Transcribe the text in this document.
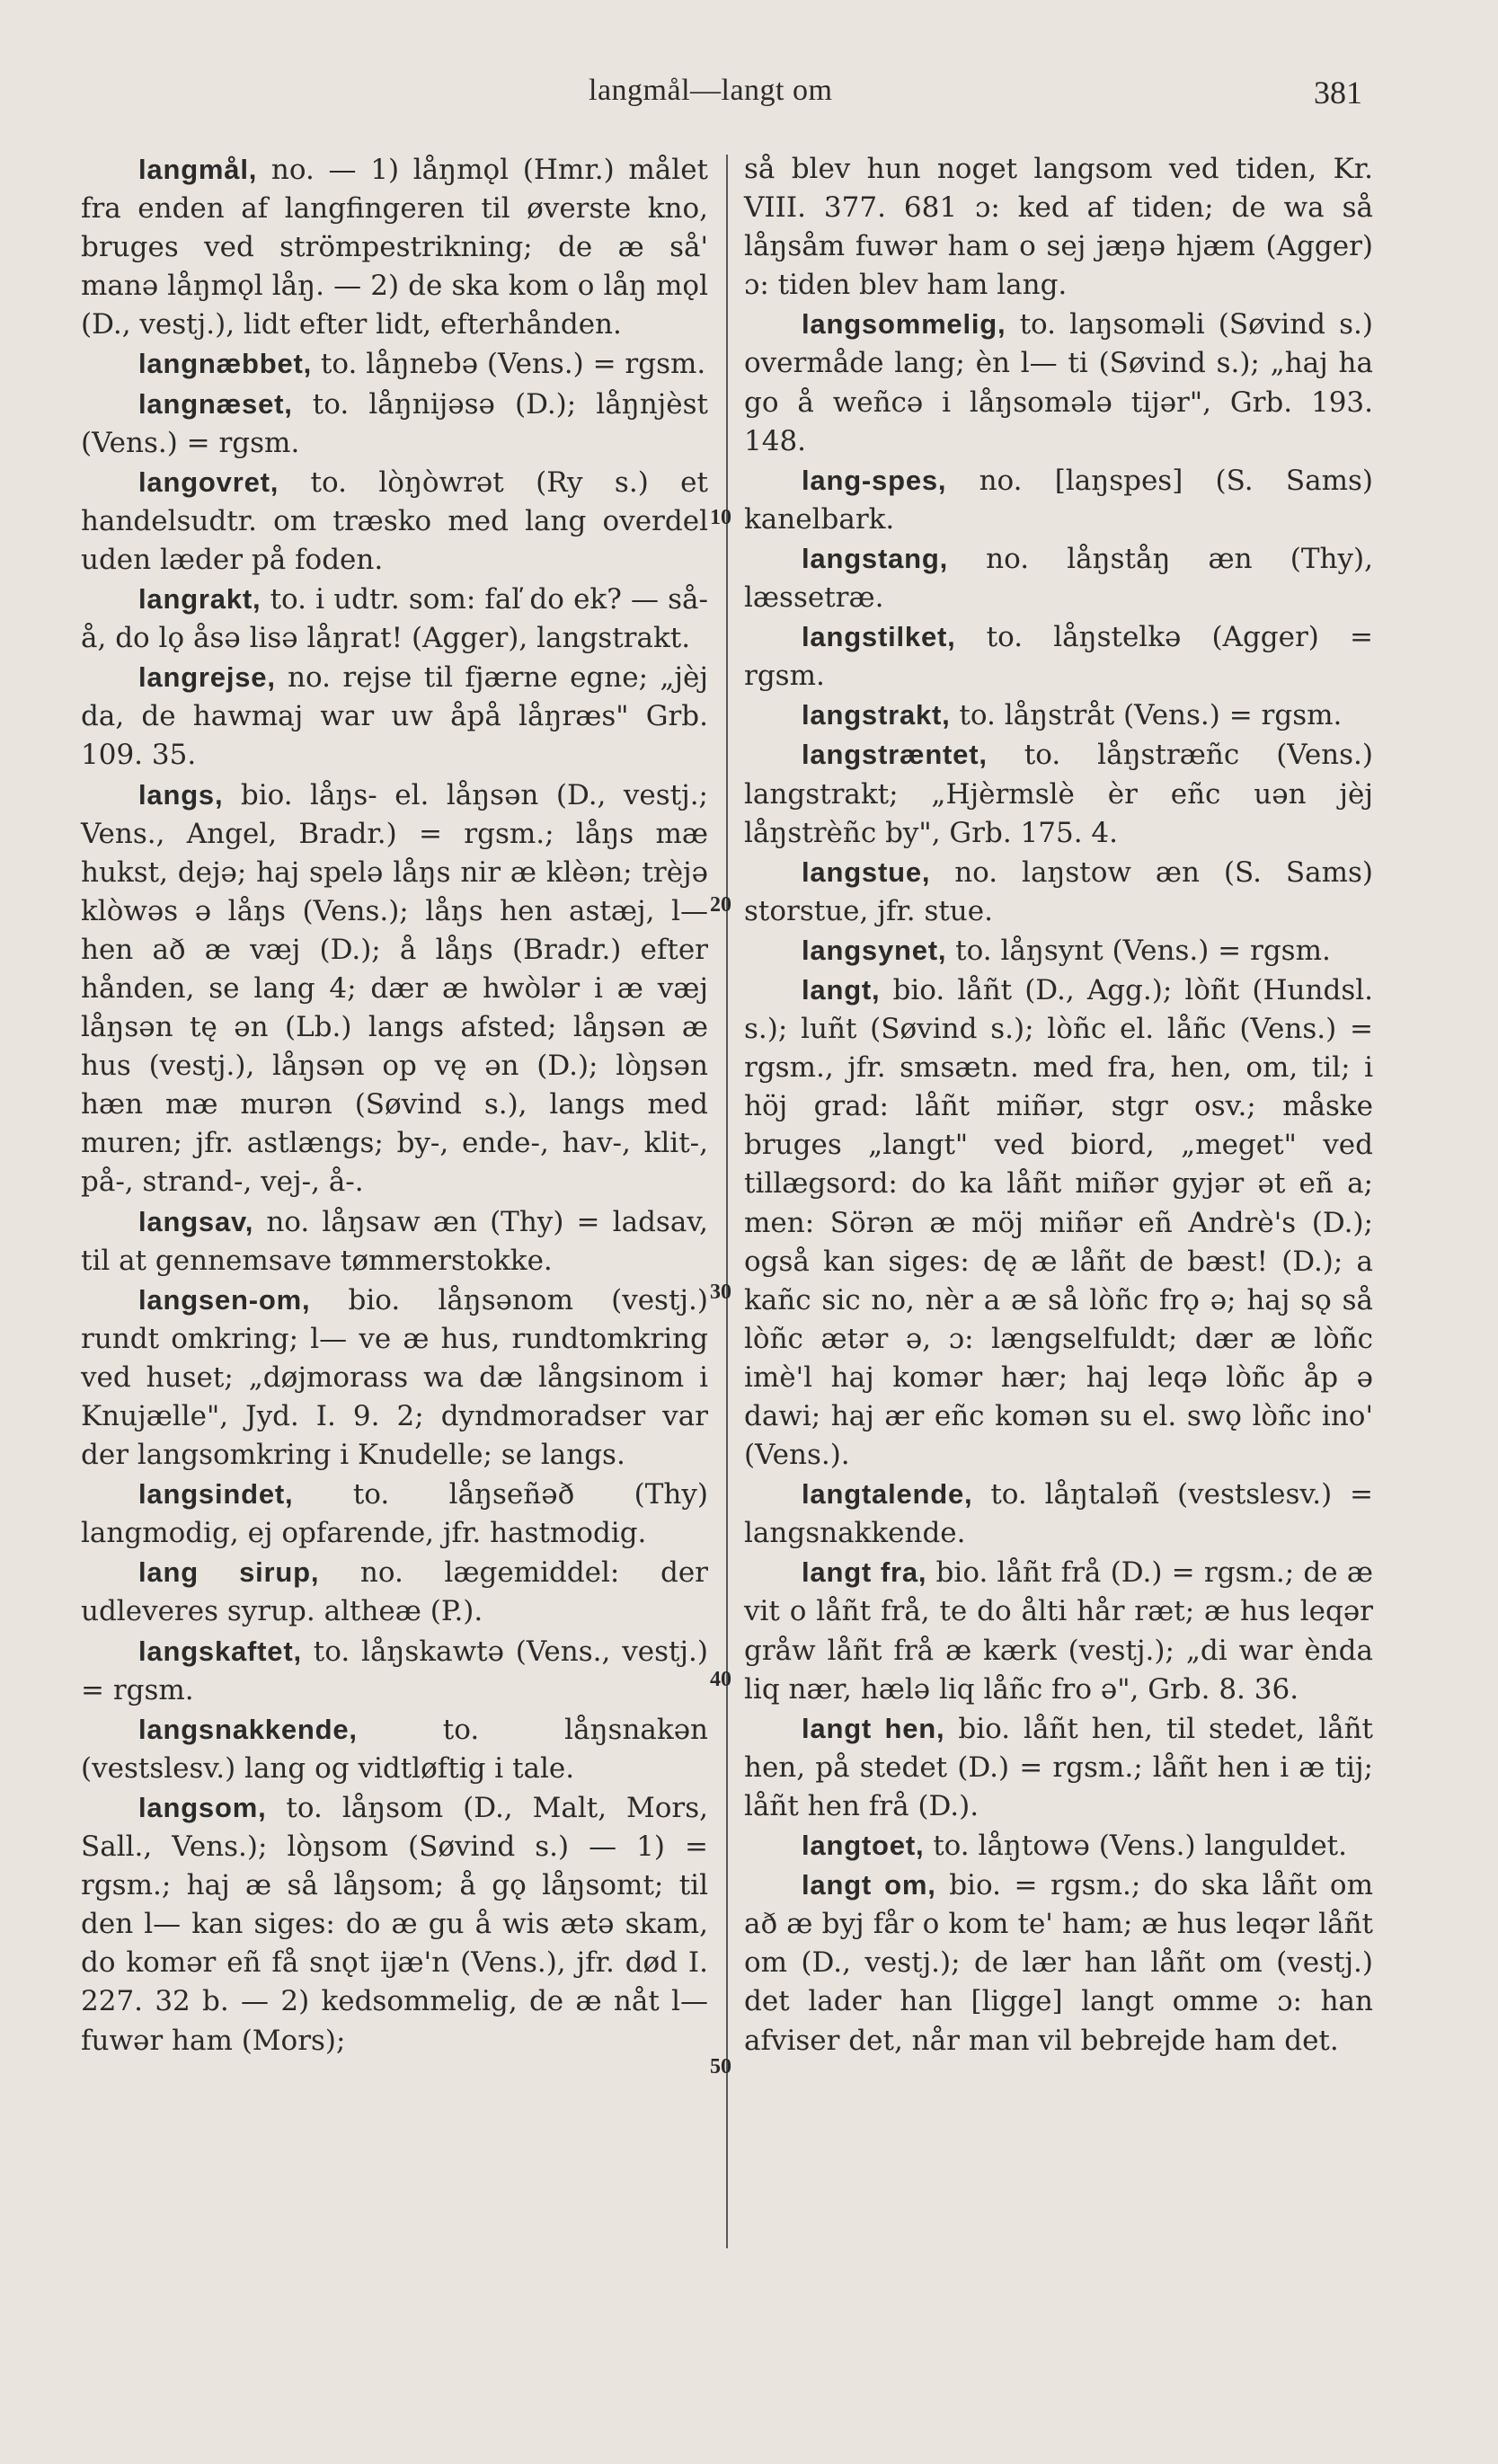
langmål—langt om	381
10
20
30
40
50

langmål, no. — 1) låŋmǫl (Hmr.) målet fra enden af langfingeren til øverste kno, bruges ved strömpestrikning; de æ så' manə låŋmǫl låŋ. — 2) de ska kom o låŋ mǫl (D., vestj.), lidt efter lidt, efterhånden.

langnæbbet, to. låŋnebə (Vens.) = rgsm.

langnæset, to. låŋnijəsə (D.); låŋnjèst (Vens.) = rgsm.

langovret, to. lòŋòwrət (Ry s.) et handelsudtr. om træsko med lang overdel uden læder på foden.

langrakt, to. i udtr. som: faľ do ek? — så-å, do lǫ åsə lisə låŋrat! (Agger), langstrakt.

langrejse, no. rejse til fjærne egne; „jèj da, de hawmaj war uw åpå låŋræs" Grb. 109. 35.

langs, bio. låŋs- el. låŋsən (D., vestj.; Vens., Angel, Bradr.) = rgsm.; låŋs mæ hukst, dejə; haj spelə låŋs nir æ klèən; trèjə klòwəs ə låŋs (Vens.); låŋs hen astæj, l— hen að æ væj (D.); å låŋs (Bradr.) efter hånden, se lang 4; dær æ hwòlər i æ væj låŋsən tę ən (Lb.) langs afsted; låŋsən æ hus (vestj.), låŋsən op vę ən (D.); lòŋsən hæn mæ murən (Søvind s.), langs med muren; jfr. astlængs; by-, ende-, hav-, klit-, på-, strand-, vej-, å-.

langsav, no. låŋsaw æn (Thy) = ladsav, til at gennemsave tømmerstokke.

langsen-om, bio. låŋsənom (vestj.) rundt omkring; l— ve æ hus, rundtomkring ved huset; „døjmorass wa dæ långsinom i Knujælle", Jyd. I. 9. 2; dyndmoradser var der langsomkring i Knudelle; se langs.

langsindet, to. låŋseñəð (Thy) langmodig, ej opfarende, jfr. hastmodig.

lang sirup, no. lægemiddel: der udleveres syrup. altheæ (P.).

langskaftet, to. låŋskawtə (Vens., vestj.) = rgsm.

langsnakkende, to. låŋsnakən (vestslesv.) lang og vidtløftig i tale.

langsom, to. låŋsom (D., Malt, Mors, Sall., Vens.); lòŋsom (Søvind s.) — 1) = rgsm.; haj æ så låŋsom; å gǫ låŋsomt; til den l— kan siges: do æ gu å wis ætə skam, do komər eñ få snǫt ijæ'n (Vens.), jfr. død I. 227. 32 b. — 2) kedsommelig, de æ nåt l— fuwər ham (Mors);

så blev hun noget langsom ved tiden, Kr. VIII. 377. 681 ɔ: ked af tiden; de wa så låŋsåm fuwər ham o sej jæŋə hjæm (Agger) ɔ: tiden blev ham lang.

langsommelig, to. laŋsoməli (Søvind s.) overmåde lang; èn l— ti (Søvind s.); „haj ha go å weñcə i låŋsomələ tijər", Grb. 193. 148.

lang-spes, no. [laŋspes] (S. Sams) kanelbark.

langstang, no. låŋståŋ æn (Thy), læssetræ.

langstilket, to. låŋstelkə (Agger) = rgsm.

langstrakt, to. låŋstråt (Vens.) = rgsm.

langstræntet, to. låŋstræñc (Vens.) langstrakt; „Hjèrmslè èr eñc uən jèj låŋstrèñc by", Grb. 175. 4.

langstue, no. laŋstow æn (S. Sams) storstue, jfr. stue.

langsynet, to. låŋsynt (Vens.) = rgsm.

langt, bio. låñt (D., Agg.); lòñt (Hundsl. s.); luñt (Søvind s.); lòñc el. låñc (Vens.) = rgsm., jfr. smsætn. med fra, hen, om, til; i höj grad: låñt miñər, stgr osv.; måske bruges „langt" ved biord, „meget" ved tillægsord: do ka låñt miñər gyjər ət eñ a; men: Sörən æ möj miñər eñ Andrè's (D.); også kan siges: dę æ låñt de bæst! (D.); a kañc sic no, nèr a æ så lòñc frǫ ə; haj sǫ så lòñc ætər ə, ɔ: længselfuldt; dær æ lòñc imè'l haj komər hær; haj leqə lòñc åp ə dawi; haj ær eñc komən su el. swǫ lòñc ino' (Vens.).

langtalende, to. låŋtaləñ (vestslesv.) = langsnakkende.

langt fra, bio. låñt frå (D.) = rgsm.; de æ vit o låñt frå, te do ålti hår ræt; æ hus leqər gråw låñt frå æ kærk (vestj.); „di war ènda liq nær, hælə liq låñc fro ə", Grb. 8. 36.

langt hen, bio. låñt hen, til stedet, låñt hen, på stedet (D.) = rgsm.; låñt hen i æ tij; låñt hen frå (D.).

langtoet, to. låŋtowə (Vens.) languldet.

langt om, bio. = rgsm.; do ska låñt om að æ byj får o kom te' ham; æ hus leqər låñt om (D., vestj.); de lær han låñt om (vestj.) det lader han [ligge] langt omme ɔ: han afviser det, når man vil bebrejde ham det.
